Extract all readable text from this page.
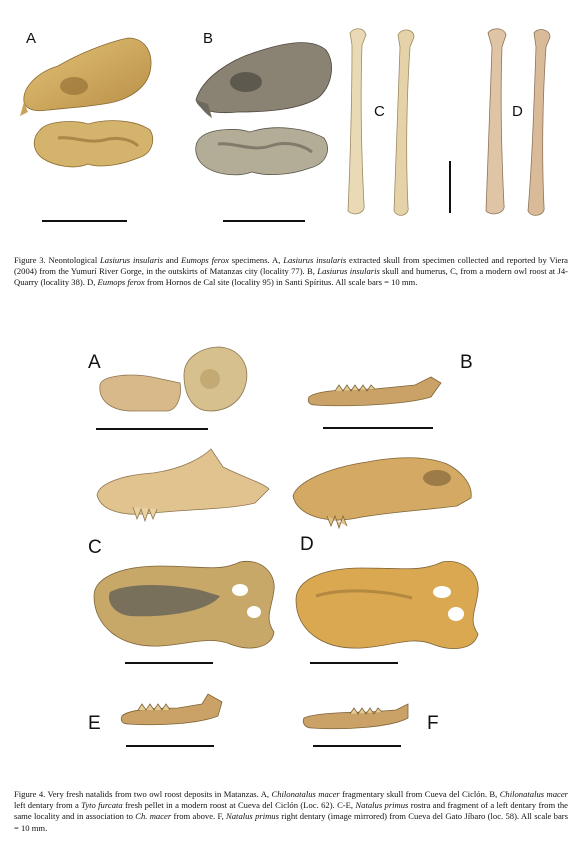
A	B
C	D
Figure 3. Neontological Lasiurus insularis and Eumops ferox specimens. A, Lasiurus insularis extracted skull from specimen collected and reported by Viera (2004) from the Yumurí River Gorge, in the outskirts of Matanzas city (locality 77). B, Lasiurus insularis skull and humerus, C, from a modern owl roost at J4-Quarry (locality 38). D, Eumops ferox from Hornos de Cal site (locality 95) in Santi Spíritus. All scale bars = 10 mm.
A	B
C	D
E	F
Figure 4. Very fresh natalids from two owl roost deposits in Matanzas. A, Chilonatalus macer fragmentary skull from Cueva del Ciclón. B, Chilonatalus macer left dentary from a Tyto furcata fresh pellet in a modern roost at Cueva del Ciclón (Loc. 62). C-E, Natalus primus rostra and fragment of a left dentary from the same locality and in association to Ch. macer from above. F, Natalus primus right dentary (image mirrored) from Cueva del Gato Jíbaro (loc. 58). All scale bars = 10 mm.
